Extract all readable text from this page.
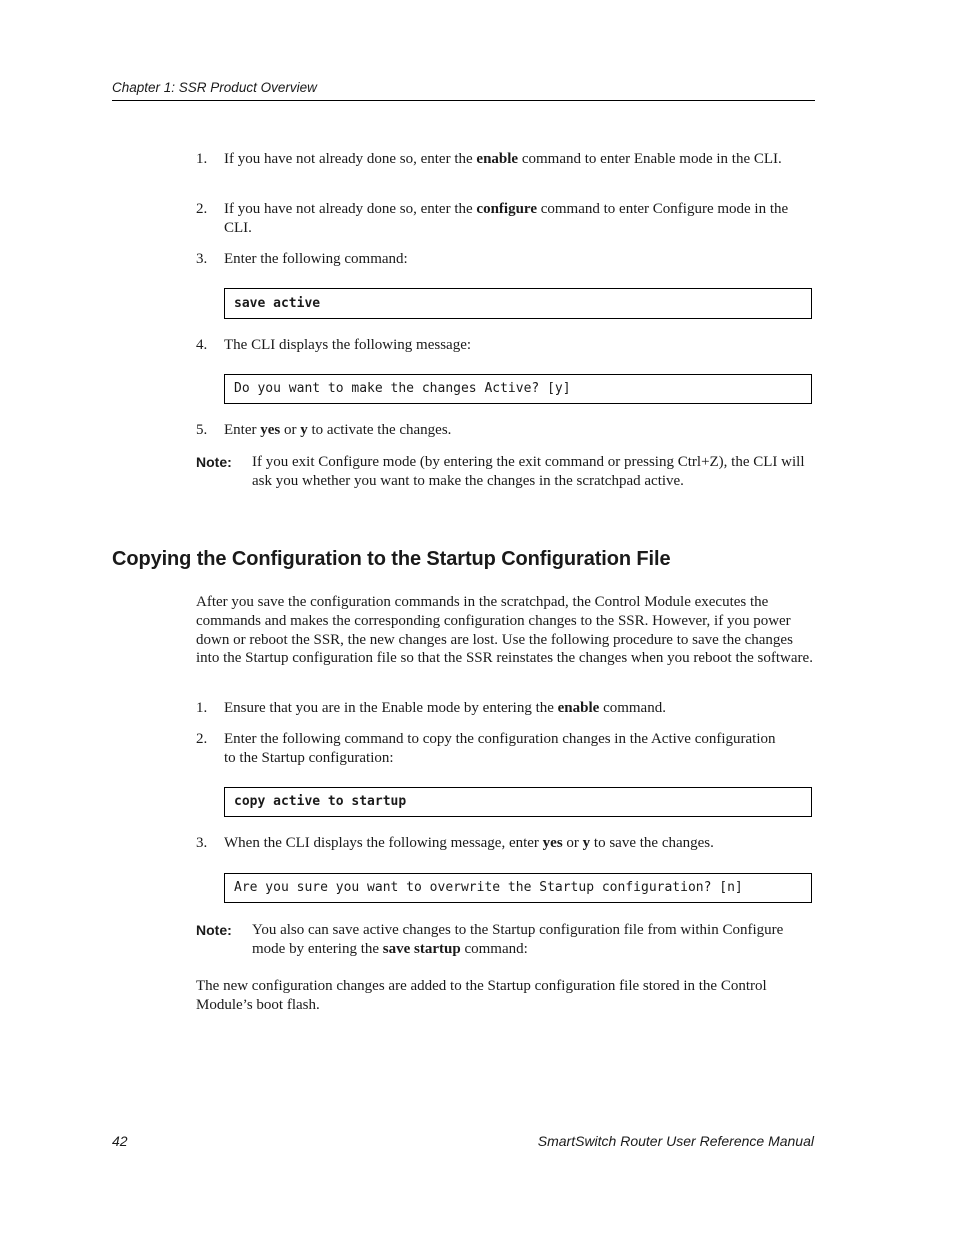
Chapter 1: SSR Product Overview
1. If you have not already done so, enter the enable command to enter Enable mode in the CLI.
2. If you have not already done so, enter the configure command to enter Configure mode in the CLI.
3. Enter the following command:
save active
4. The CLI displays the following message:
Do you want to make the changes Active? [y]
5. Enter yes or y to activate the changes.
Note: If you exit Configure mode (by entering the exit command or pressing Ctrl+Z), the CLI will ask you whether you want to make the changes in the scratchpad active.
Copying the Configuration to the Startup Configuration File
After you save the configuration commands in the scratchpad, the Control Module executes the commands and makes the corresponding configuration changes to the SSR. However, if you power down or reboot the SSR, the new changes are lost. Use the following procedure to save the changes into the Startup configuration file so that the SSR reinstates the changes when you reboot the software.
1. Ensure that you are in the Enable mode by entering the enable command.
2. Enter the following command to copy the configuration changes in the Active configuration to the Startup configuration:
copy active to startup
3. When the CLI displays the following message, enter yes or y to save the changes.
Are you sure you want to overwrite the Startup configuration? [n]
Note: You also can save active changes to the Startup configuration file from within Configure mode by entering the save startup command:
The new configuration changes are added to the Startup configuration file stored in the Control Module’s boot flash.
42	SmartSwitch Router User Reference Manual
